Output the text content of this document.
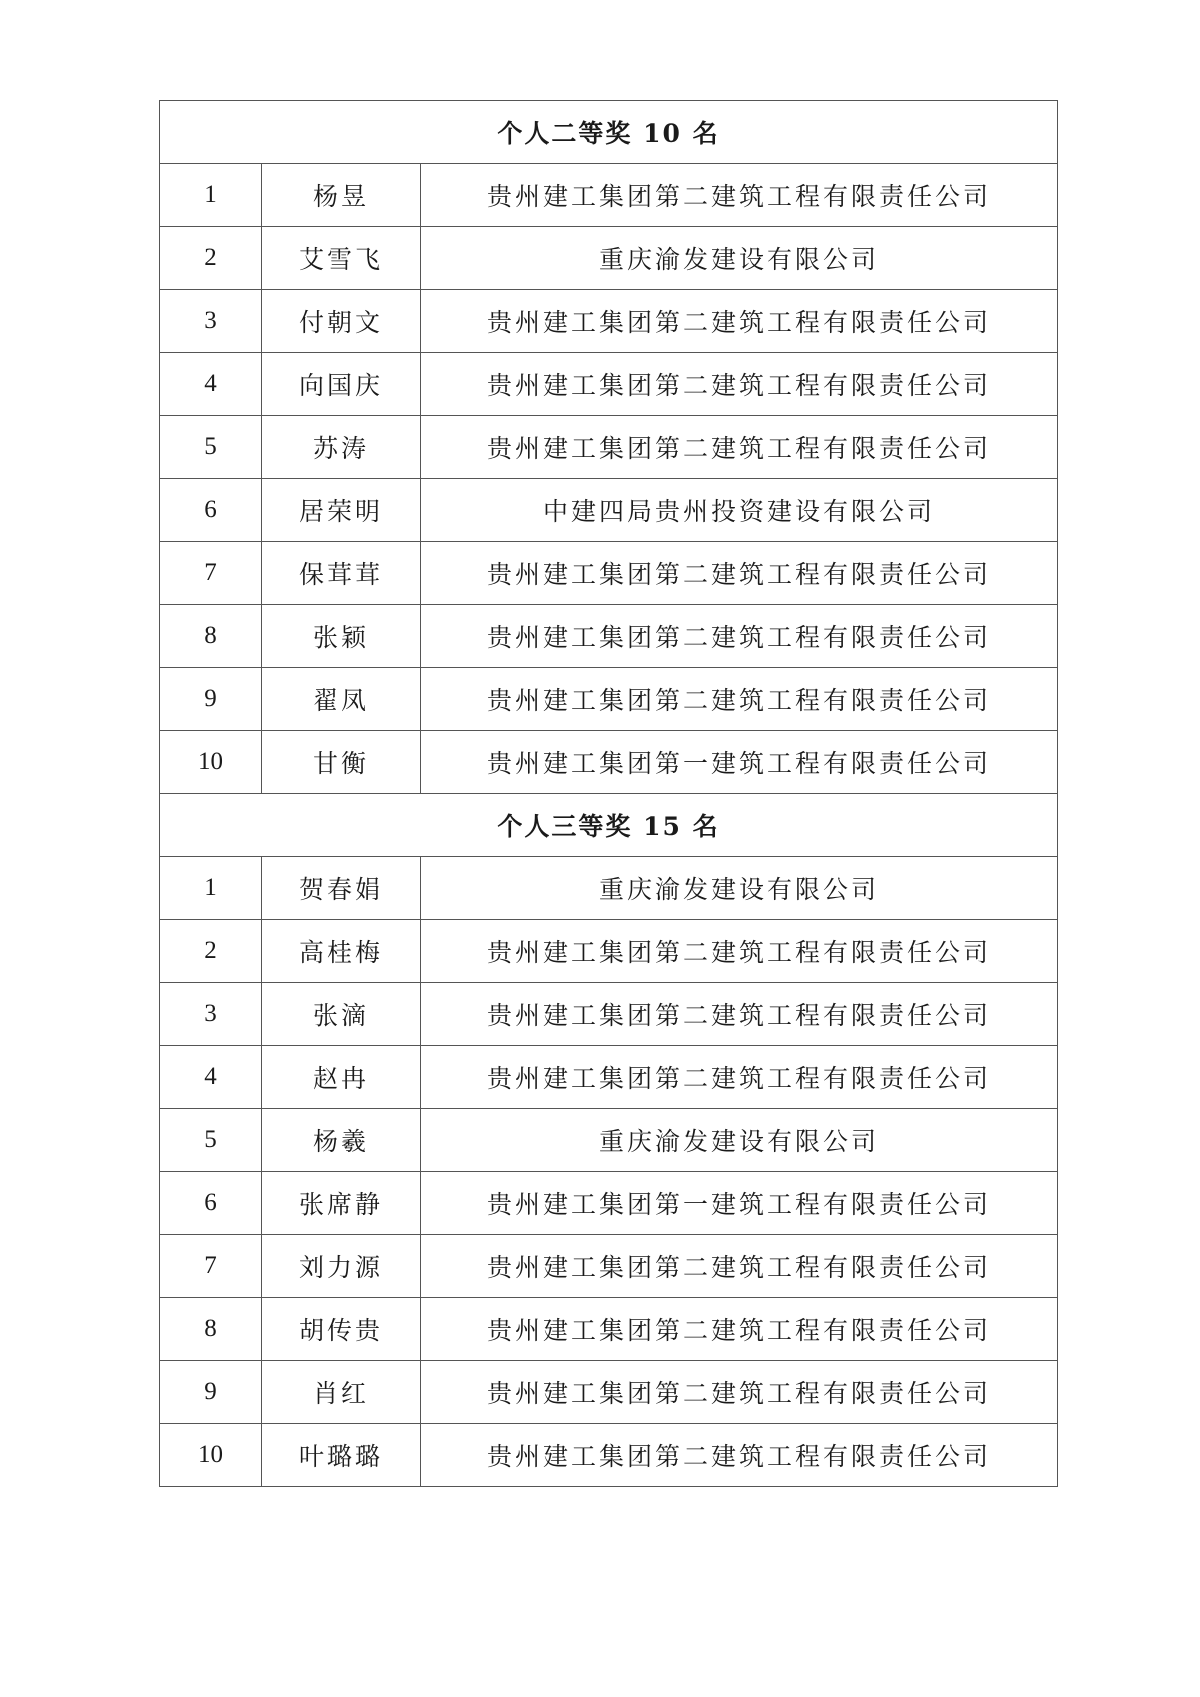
个人二等奖 10 名		
1	杨昱	贵州建工集团第二建筑工程有限责任公司
2	艾雪飞	重庆渝发建设有限公司
3	付朝文	贵州建工集团第二建筑工程有限责任公司
4	向国庆	贵州建工集团第二建筑工程有限责任公司
5	苏涛	贵州建工集团第二建筑工程有限责任公司
6	居荣明	中建四局贵州投资建设有限公司
7	保茸茸	贵州建工集团第二建筑工程有限责任公司
8	张颖	贵州建工集团第二建筑工程有限责任公司
9	翟凤	贵州建工集团第二建筑工程有限责任公司
10	甘衡	贵州建工集团第一建筑工程有限责任公司
个人三等奖 15 名		
1	贺春娟	重庆渝发建设有限公司
2	高桂梅	贵州建工集团第二建筑工程有限责任公司
3	张滴	贵州建工集团第二建筑工程有限责任公司
4	赵冉	贵州建工集团第二建筑工程有限责任公司
5	杨羲	重庆渝发建设有限公司
6	张席静	贵州建工集团第一建筑工程有限责任公司
7	刘力源	贵州建工集团第二建筑工程有限责任公司
8	胡传贵	贵州建工集团第二建筑工程有限责任公司
9	肖红	贵州建工集团第二建筑工程有限责任公司
10	叶璐璐	贵州建工集团第二建筑工程有限责任公司
